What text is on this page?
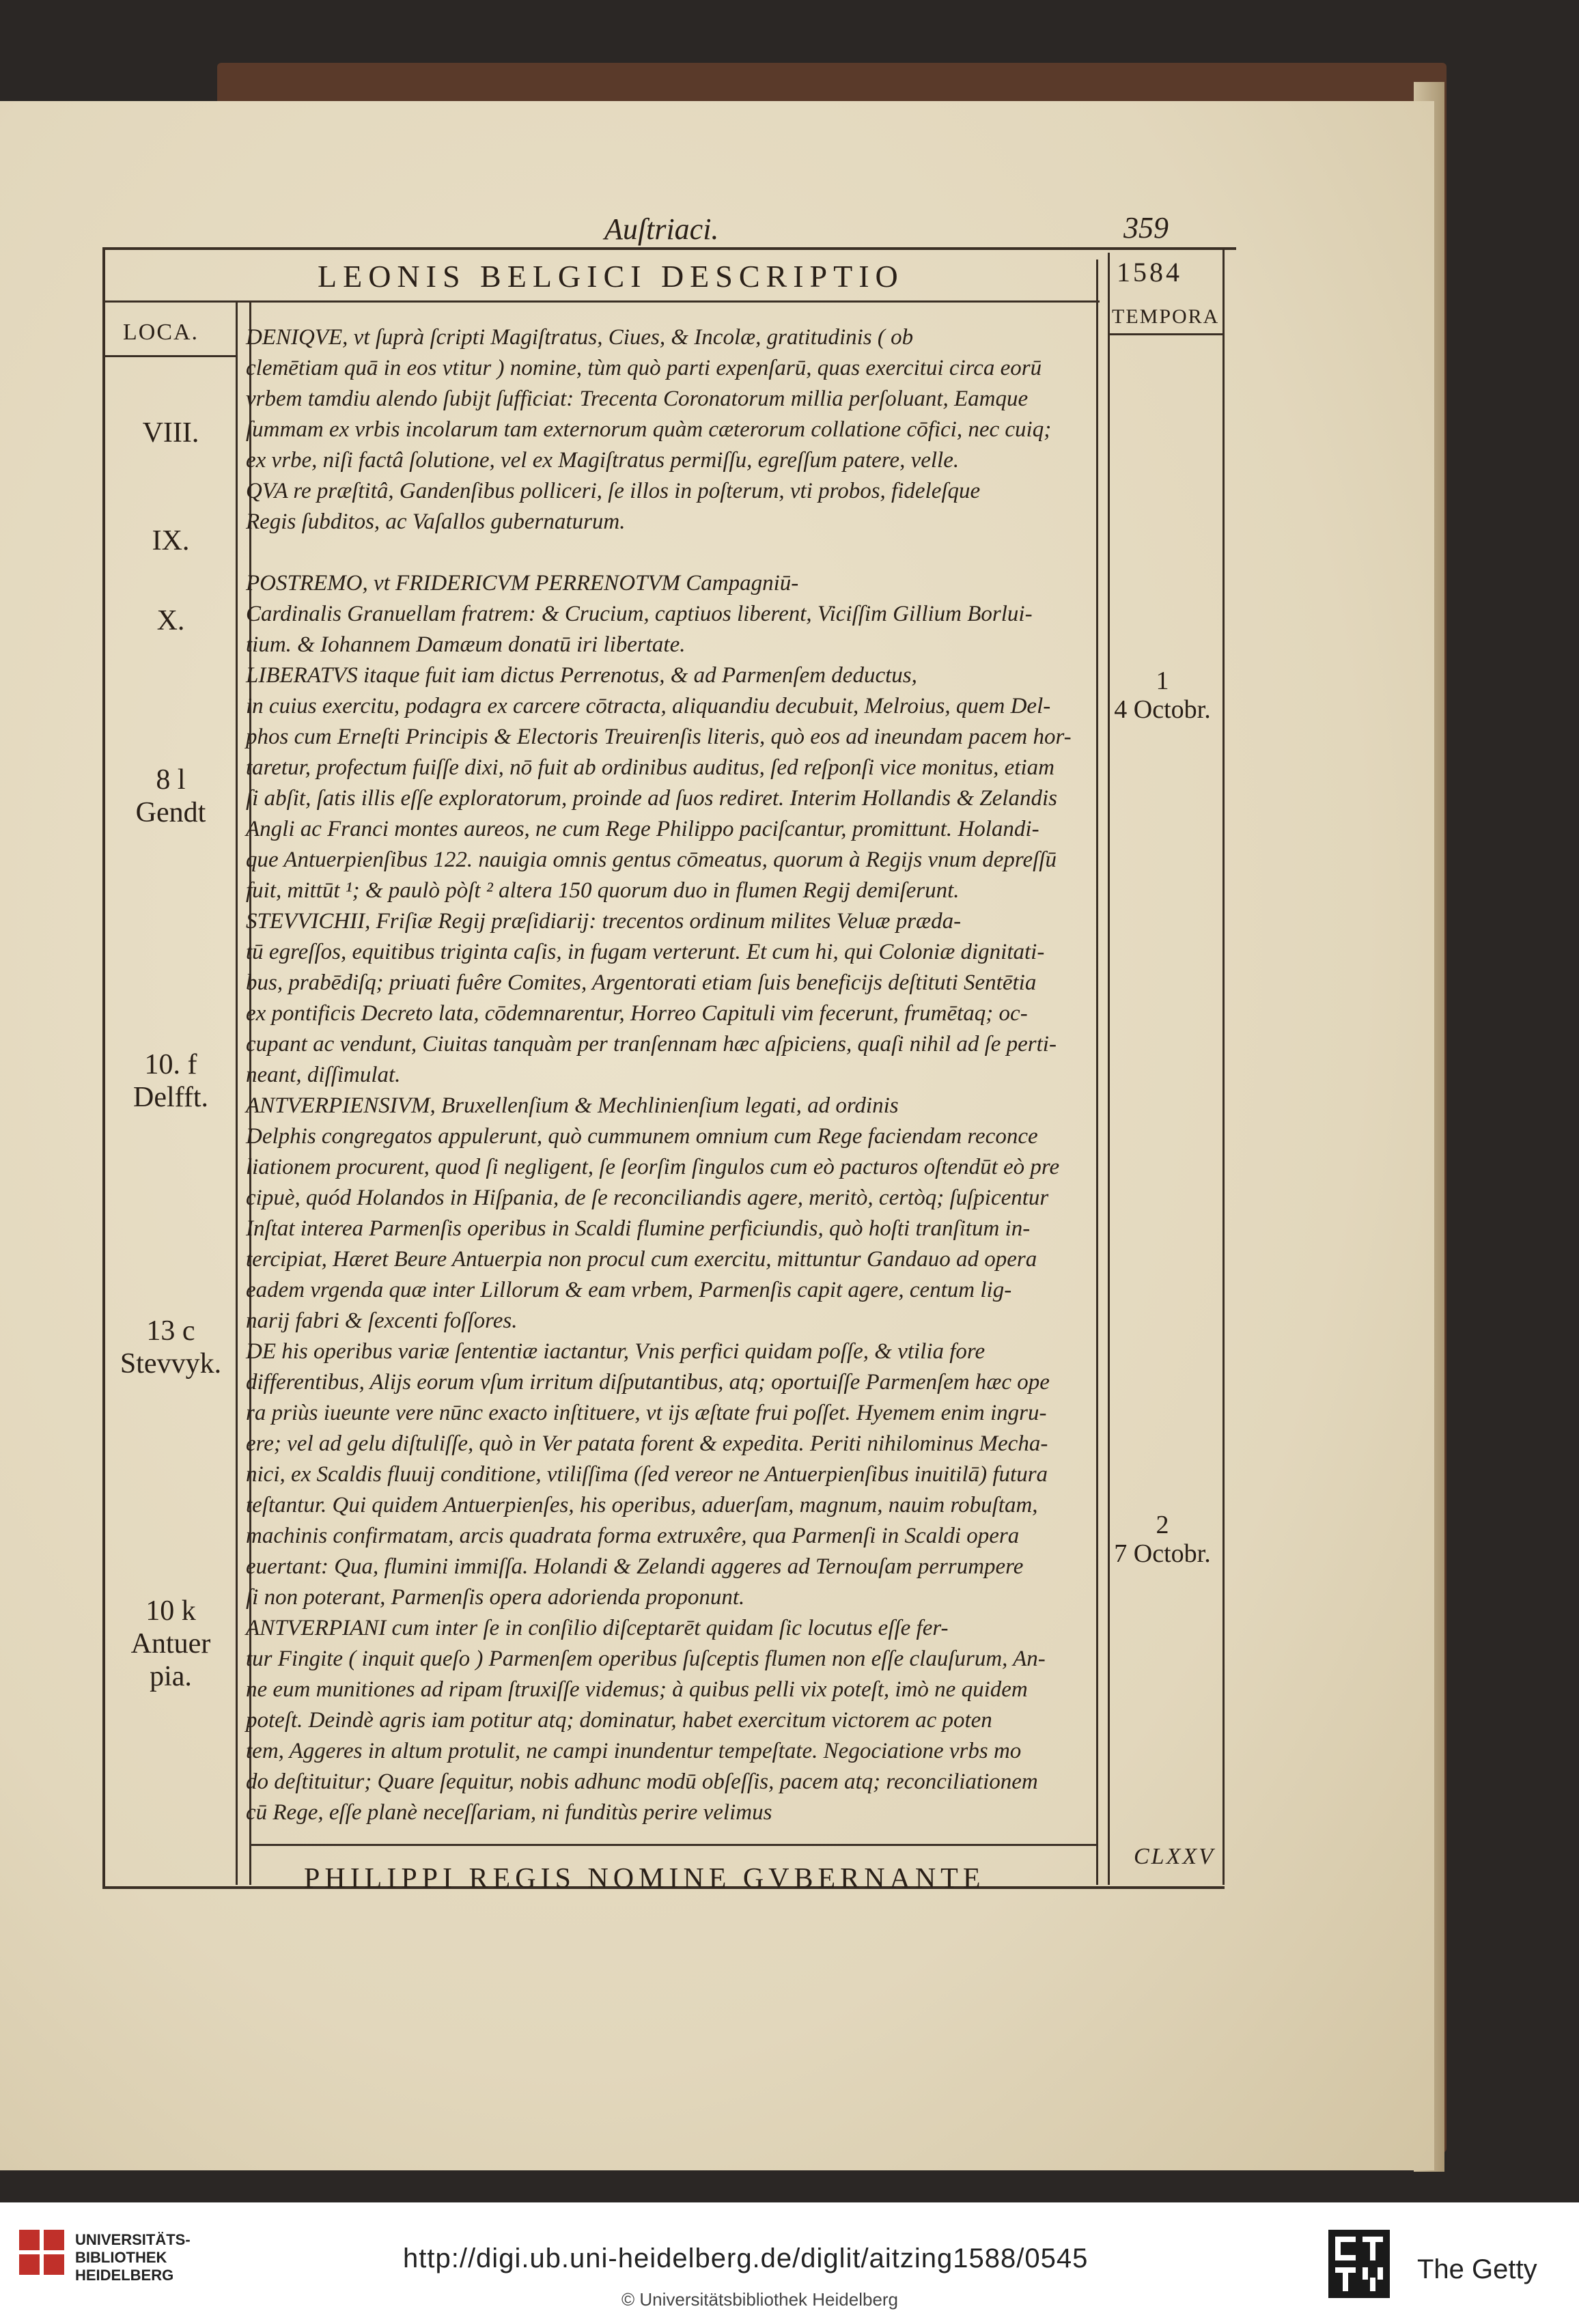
Auſtriaci.	359
LEONIS BELGICI DESCRIPTIO	1584
LOCA.
TEMPORA
VIII.
IX.
X.
8 l
Gendt
10. f
Delfft.
13 c
Stevvyk.
10 k
Antuer
pia.
1
4 Octobr.
2
7 Octobr.
DENIQVE, vt ſuprà ſcripti Magiſtratus, Ciues, & Incolæ, gratitudinis ( ob
clemētiam quā in eos vtitur ) nomine, tùm quò parti expenſarū, quas exercitui circa eorū
vrbem tamdiu alendo ſubijt ſufficiat: Trecenta Coronatorum millia perſoluant, Eamque
ſummam ex vrbis incolarum tam externorum quàm cæterorum collatione cōfici, nec cuiq;
ex vrbe, niſi factâ ſolutione, vel ex Magiſtratus permiſſu, egreſſum patere, velle.
QVA re præſtitâ, Gandenſibus polliceri, ſe illos in poſterum, vti probos, fideleſque
Regis ſubditos, ac Vaſallos gubernaturum.
POSTREMO, vt FRIDERICVM PERRENOTVM Campagniū-
Cardinalis Granuellam fratrem: & Crucium, captiuos liberent, Viciſſim Gillium Borlui-
tium. & Iohannem Damæum donatū iri libertate.
LIBERATVS itaque fuit iam dictus Perrenotus, & ad Parmenſem deductus,
in cuius exercitu, podagra ex carcere cōtracta, aliquandiu decubuit, Melroius, quem Del-
phos cum Erneſti Principis & Electoris Treuirenſis literis, quò eos ad ineundam pacem hor-
taretur, profectum fuiſſe dixi, nō fuit ab ordinibus auditus, ſed reſponſi vice monitus, etiam
ſi abſit, ſatis illis eſſe exploratorum, proinde ad ſuos rediret. Interim Hollandis & Zelandis
Angli ac Franci montes aureos, ne cum Rege Philippo paciſcantur, promittunt. Holandi-
que Antuerpienſibus 122. nauigia omnis gentus cōmeatus, quorum à Regijs vnum depreſſū
fuit, mittūt ¹; & paulò pòſt ² altera 150 quorum duo in flumen Regij demiſerunt.
STEVVICHII, Friſiæ Regij præſidiarij: trecentos ordinum milites Veluæ præda-
tū egreſſos, equitibus triginta caſis, in fugam verterunt. Et cum hi, qui Coloniæ dignitati-
bus, prabēdiſq; priuati fuêre Comites, Argentorati etiam ſuis beneficijs deſtituti Sentētia
ex pontificis Decreto lata, cōdemnarentur, Horreo Capituli vim fecerunt, frumētaq; oc-
cupant ac vendunt, Ciuitas tanquàm per tranſennam hæc aſpiciens, quaſi nihil ad ſe perti-
neant, diſſimulat.
ANTVERPIENSIVM, Bruxellenſium & Mechlinienſium legati, ad ordinis
Delphis congregatos appulerunt, quò cummunem omnium cum Rege faciendam reconce
liationem procurent, quod ſi negligent, ſe ſeorſim ſingulos cum eò pacturos oſtendūt eò pre
cipuè, quód Holandos in Hiſpania, de ſe reconciliandis agere, meritò, certòq; ſuſpicentur
Inſtat interea Parmenſis operibus in Scaldi flumine perficiundis, quò hoſti tranſitum in-
tercipiat, Hæret Beure Antuerpia non procul cum exercitu, mittuntur Gandauo ad opera
eadem vrgenda quæ inter Lillorum & eam vrbem, Parmenſis capit agere, centum lig-
narij fabri & ſexcenti foſſores.
DE his operibus variæ ſententiæ iactantur, Vnis perfici quidam poſſe, & vtilia fore
differentibus, Alijs eorum vſum irritum diſputantibus, atq; oportuiſſe Parmenſem hæc ope
ra priùs iueunte vere nūnc exacto inſtituere, vt ijs æſtate frui poſſet. Hyemem enim ingru-
ere; vel ad gelu diſtuliſſe, quò in Ver patata forent & expedita. Periti nihilominus Mecha-
nici, ex Scaldis fluuij conditione, vtiliſſima (ſed vereor ne Antuerpienſibus inuitilā) futura
teſtantur. Qui quidem Antuerpienſes, his operibus, aduerſam, magnum, nauim robuſtam,
machinis confirmatam, arcis quadrata forma extruxêre, qua Parmenſi in Scaldi opera
euertant: Qua, flumini immiſſa. Holandi & Zelandi aggeres ad Ternouſam perrumpere
ſi non poterant, Parmenſis opera adorienda proponunt.
ANTVERPIANI cum inter ſe in conſilio diſceptarēt quidam ſic locutus eſſe fer-
tur Fingite ( inquit queſo ) Parmenſem operibus ſuſceptis flumen non eſſe clauſurum, An-
ne eum munitiones ad ripam ſtruxiſſe videmus; à quibus pelli vix poteſt, imò ne quidem
poteſt. Deindè agris iam potitur atq; dominatur, habet exercitum victorem ac poten
tem, Aggeres in altum protulit, ne campi inundentur tempeſtate. Negociatione vrbs mo
do deſtituitur; Quare ſequitur, nobis adhunc modū obſeſſis, pacem atq; reconciliationem
cū Rege, eſſe planè neceſſariam, ni funditùs perire velimus
PHILIPPI REGIS NOMINE GVBERNANTE
CLXXV
UNIVERSITÄTS-
BIBLIOTHEK
HEIDELBERG
http://digi.ub.uni-heidelberg.de/diglit/aitzing1588/0545
© Universitätsbibliothek Heidelberg
The Getty
